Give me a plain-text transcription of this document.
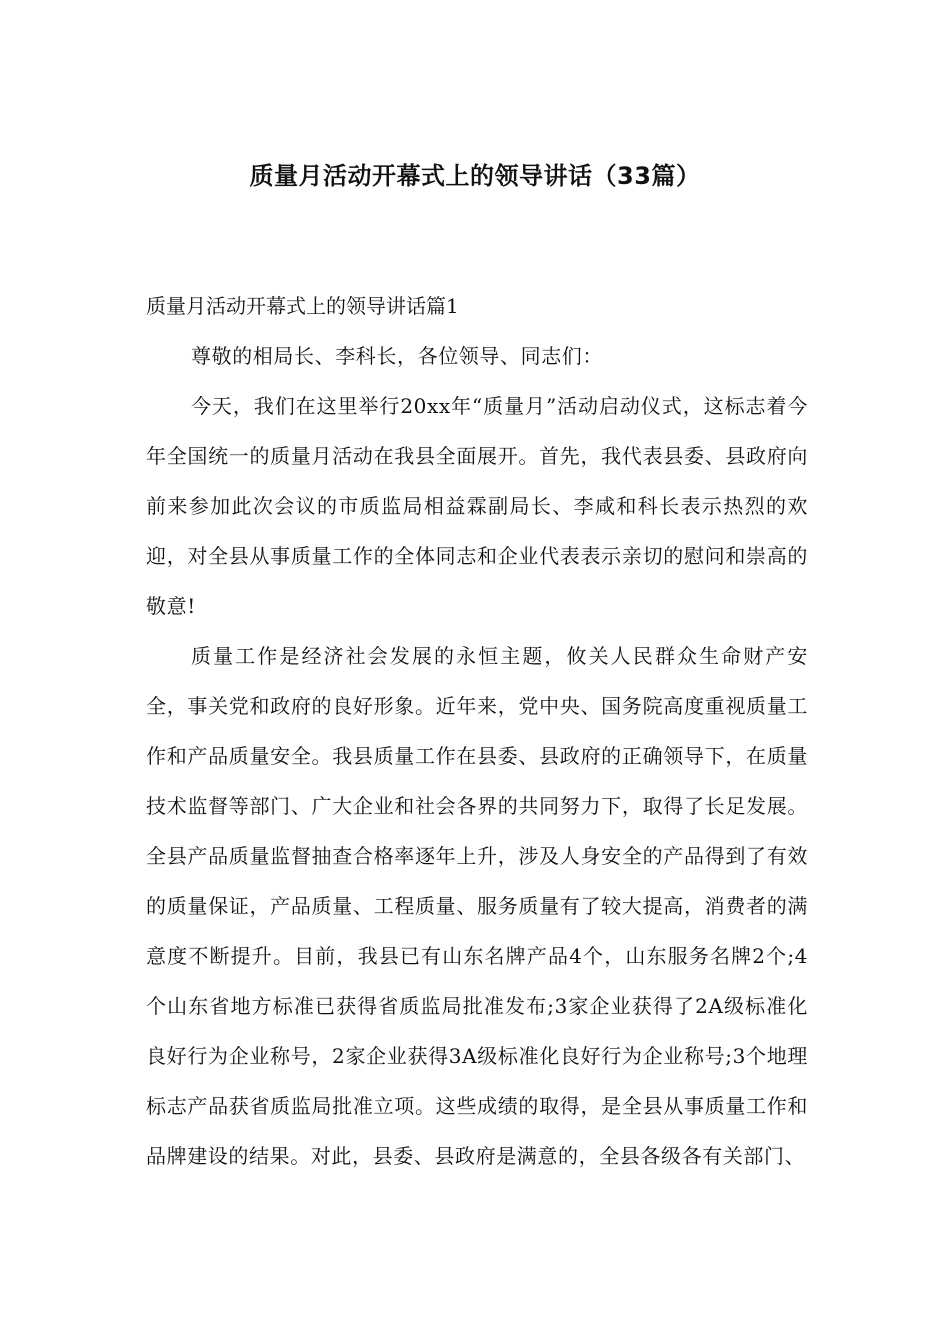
质量月活动开幕式上的领导讲话（33篇）

质量月活动开幕式上的领导讲话篇1

尊敬的相局长、李科长，各位领导、同志们：

今天，我们在这里举行20xx年“质量月”活动启动仪式，这标志着今年全国统一的质量月活动在我县全面展开。首先，我代表县委、县政府向前来参加此次会议的市质监局相益霖副局长、李咸和科长表示热烈的欢迎，对全县从事质量工作的全体同志和企业代表表示亲切的慰问和崇高的敬意!

质量工作是经济社会发展的永恒主题，攸关人民群众生命财产安全，事关党和政府的良好形象。近年来，党中央、国务院高度重视质量工作和产品质量安全。我县质量工作在县委、县政府的正确领导下，在质量技术监督等部门、广大企业和社会各界的共同努力下，取得了长足发展。全县产品质量监督抽查合格率逐年上升，涉及人身安全的产品得到了有效的质量保证，产品质量、工程质量、服务质量有了较大提高，消费者的满意度不断提升。目前，我县已有山东名牌产品4个，山东服务名牌2个;4个山东省地方标准已获得省质监局批准发布;3家企业获得了2A级标准化良好行为企业称号，2家企业获得3A级标准化良好行为企业称号;3个地理标志产品获省质监局批准立项。这些成绩的取得，是全县从事质量工作和品牌建设的结果。对此，县委、县政府是满意的，全县各级各有关部门、
